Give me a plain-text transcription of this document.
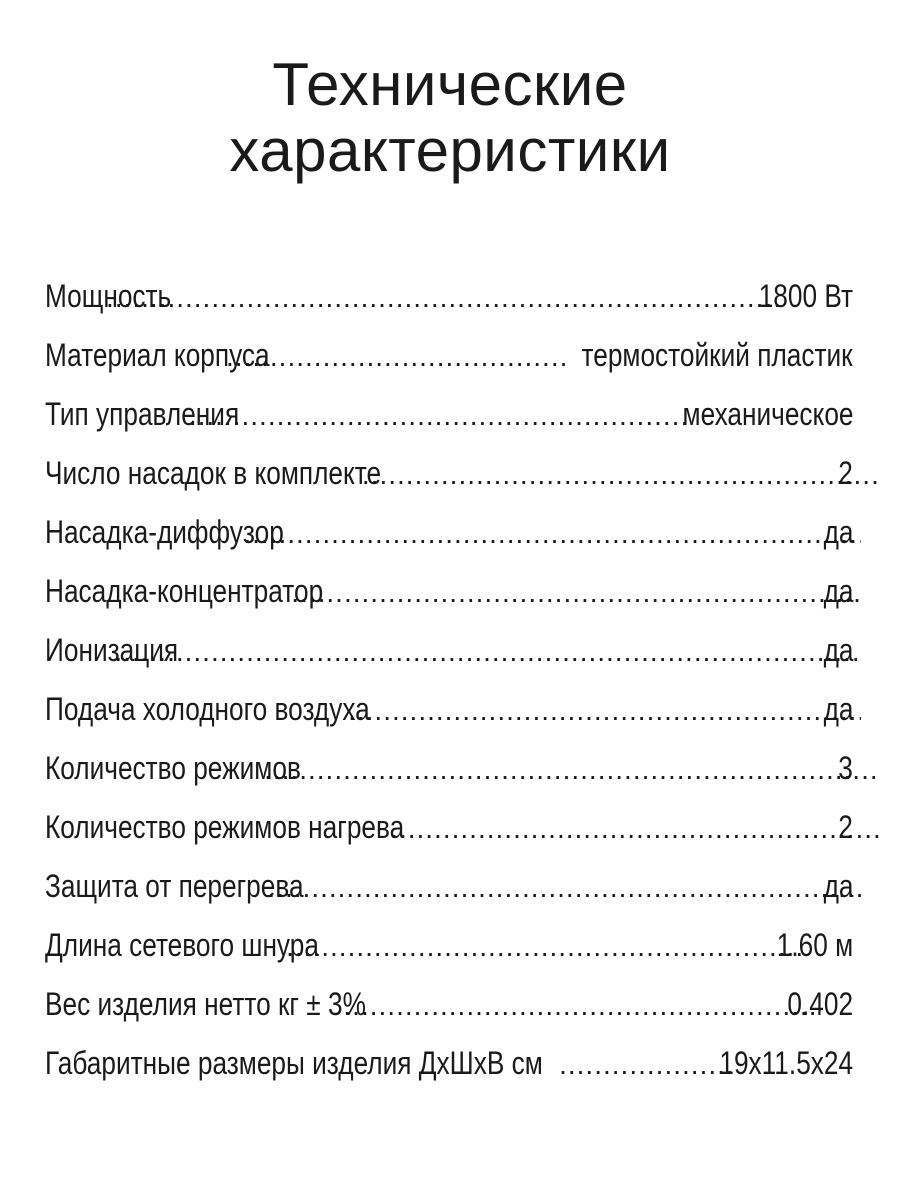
Технические
характеристики
Мощность .....	1800 Вт
Материал корпуса .....	термостойкий пластик
Тип управления .....	механическое
Число насадок в комплекте .....	2
Насадка-диффузор .....	да
Насадка-концентратор .....	да
Ионизация .....	да
Подача холодного воздуха .....	да
Количество режимов .....	3
Количество режимов нагрева .....	2
Защита от перегрева .....	да
Длина сетевого шнура .....	1.60 м
Вес изделия нетто кг ± 3% .....	0.402
Габаритные размеры изделия ДхШхВ см .....	19x11.5x24
